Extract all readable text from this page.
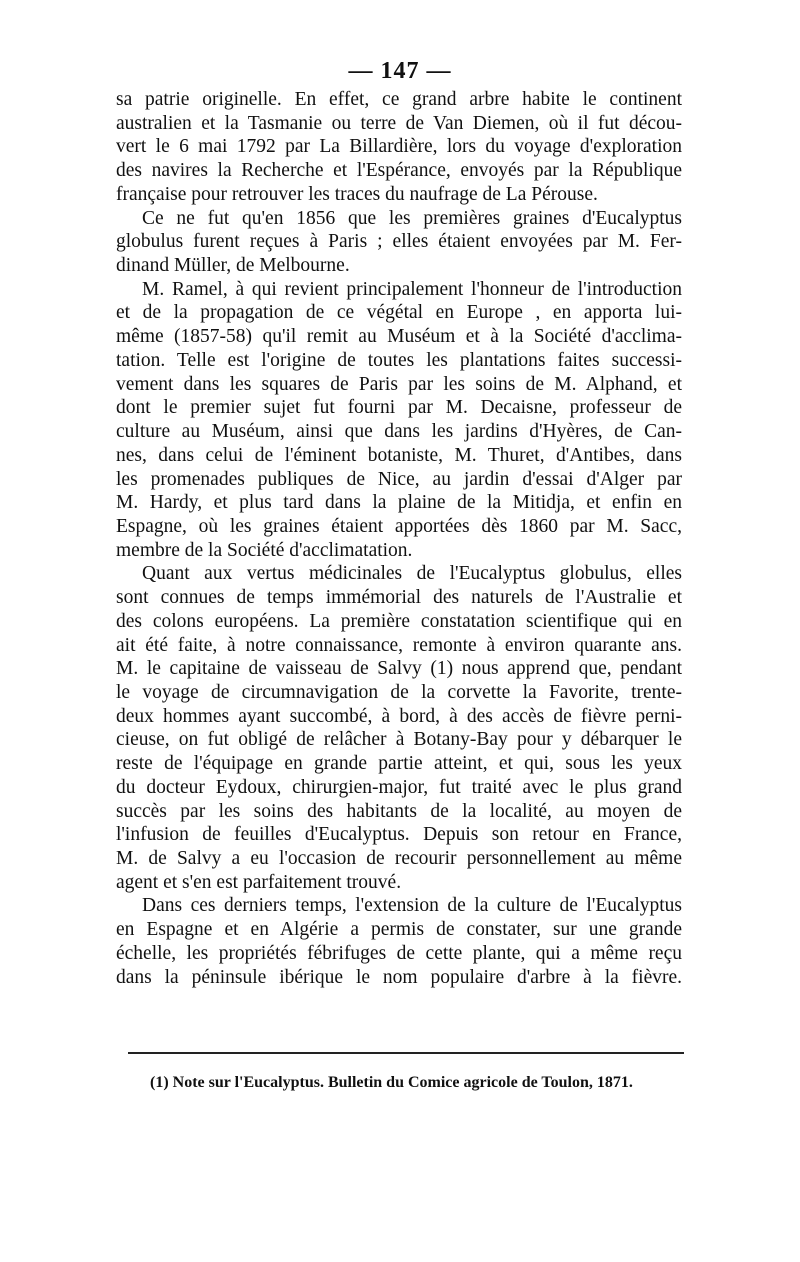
— 147 —
sa patrie originelle. En effet, ce grand arbre habite le continent
australien et la Tasmanie ou terre de Van Diemen, où il fut décou-
vert le 6 mai 1792 par La Billardière, lors du voyage d'exploration
des navires la Recherche et l'Espérance, envoyés par la République
française pour retrouver les traces du naufrage de La Pérouse.
Ce ne fut qu'en 1856 que les premières graines d'Eucalyptus
globulus furent reçues à Paris ; elles étaient envoyées par M. Fer-
dinand Müller, de Melbourne.
M. Ramel, à qui revient principalement l'honneur de l'introduction
et de la propagation de ce végétal en Europe , en apporta lui-
même (1857-58) qu'il remit au Muséum et à la Société d'acclima-
tation. Telle est l'origine de toutes les plantations faites successi-
vement dans les squares de Paris par les soins de M. Alphand, et
dont le premier sujet fut fourni par M. Decaisne, professeur de
culture au Muséum, ainsi que dans les jardins d'Hyères, de Can-
nes, dans celui de l'éminent botaniste, M. Thuret, d'Antibes, dans
les promenades publiques de Nice, au jardin d'essai d'Alger par
M. Hardy, et plus tard dans la plaine de la Mitidja, et enfin en
Espagne, où les graines étaient apportées dès 1860 par M. Sacc,
membre de la Société d'acclimatation.
Quant aux vertus médicinales de l'Eucalyptus globulus, elles
sont connues de temps immémorial des naturels de l'Australie et
des colons européens. La première constatation scientifique qui en
ait été faite, à notre connaissance, remonte à environ quarante ans.
M. le capitaine de vaisseau de Salvy (1) nous apprend que, pendant
le voyage de circumnavigation de la corvette la Favorite, trente-
deux hommes ayant succombé, à bord, à des accès de fièvre perni-
cieuse, on fut obligé de relâcher à Botany-Bay pour y débarquer le
reste de l'équipage en grande partie atteint, et qui, sous les yeux
du docteur Eydoux, chirurgien-major, fut traité avec le plus grand
succès par les soins des habitants de la localité, au moyen de
l'infusion de feuilles d'Eucalyptus. Depuis son retour en France,
M. de Salvy a eu l'occasion de recourir personnellement au même
agent et s'en est parfaitement trouvé.
Dans ces derniers temps, l'extension de la culture de l'Eucalyptus
en Espagne et en Algérie a permis de constater, sur une grande
échelle, les propriétés fébrifuges de cette plante, qui a même reçu
dans la péninsule ibérique le nom populaire d'arbre à la fièvre.
(1) Note sur l'Eucalyptus. Bulletin du Comice agricole de Toulon, 1871.
